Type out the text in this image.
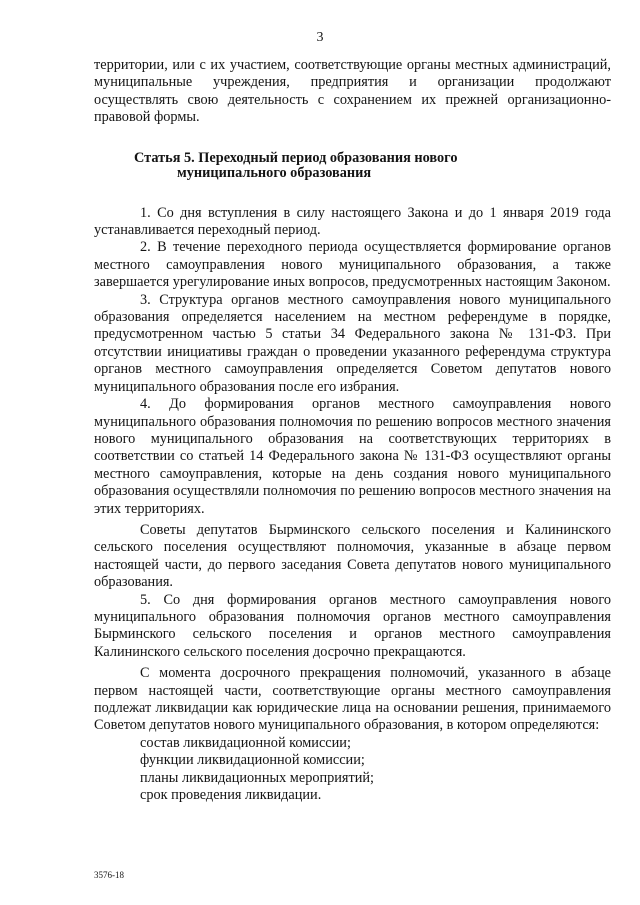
3

территории, или с их участием, соответствующие органы местных администраций, муниципальные учреждения, предприятия и организации продолжают осуществлять свою деятельность с сохранением их прежней организационно-правовой формы.

Статья 5. Переходный период образования нового
муниципального образования

1. Со дня вступления в силу настоящего Закона и до 1 января 2019 года устанавливается переходный период.

2. В течение переходного периода осуществляется формирование органов местного самоуправления нового муниципального образования, а также завершается урегулирование иных вопросов, предусмотренных настоящим Законом.

3. Структура органов местного самоуправления нового муниципального образования определяется населением на местном референдуме в порядке, предусмотренном частью 5 статьи 34 Федерального закона № 131-ФЗ. При отсутствии инициативы граждан о проведении указанного референдума структура органов местного самоуправления определяется Советом депутатов нового муниципального образования после его избрания.

4. До формирования органов местного самоуправления нового муниципального образования полномочия по решению вопросов местного значения нового муниципального образования на соответствующих территориях в соответствии со статьей 14 Федерального закона № 131-ФЗ осуществляют органы местного самоуправления, которые на день создания нового муниципального образования осуществляли полномочия по решению вопросов местного значения на этих территориях.

Советы депутатов Бырминского сельского поселения и Калининского сельского поселения осуществляют полномочия, указанные в абзаце первом настоящей части, до первого заседания Совета депутатов нового муниципального образования.

5. Со дня формирования органов местного самоуправления нового муниципального образования полномочия органов местного самоуправления Бырминского сельского поселения и органов местного самоуправления Калининского сельского поселения досрочно прекращаются.

С момента досрочного прекращения полномочий, указанного в абзаце первом настоящей части, соответствующие органы местного самоуправления подлежат ликвидации как юридические лица на основании решения, принимаемого Советом депутатов нового муниципального образования, в котором определяются:

состав ликвидационной комиссии;
функции ликвидационной комиссии;
планы ликвидационных мероприятий;
срок проведения ликвидации.
3576-18
